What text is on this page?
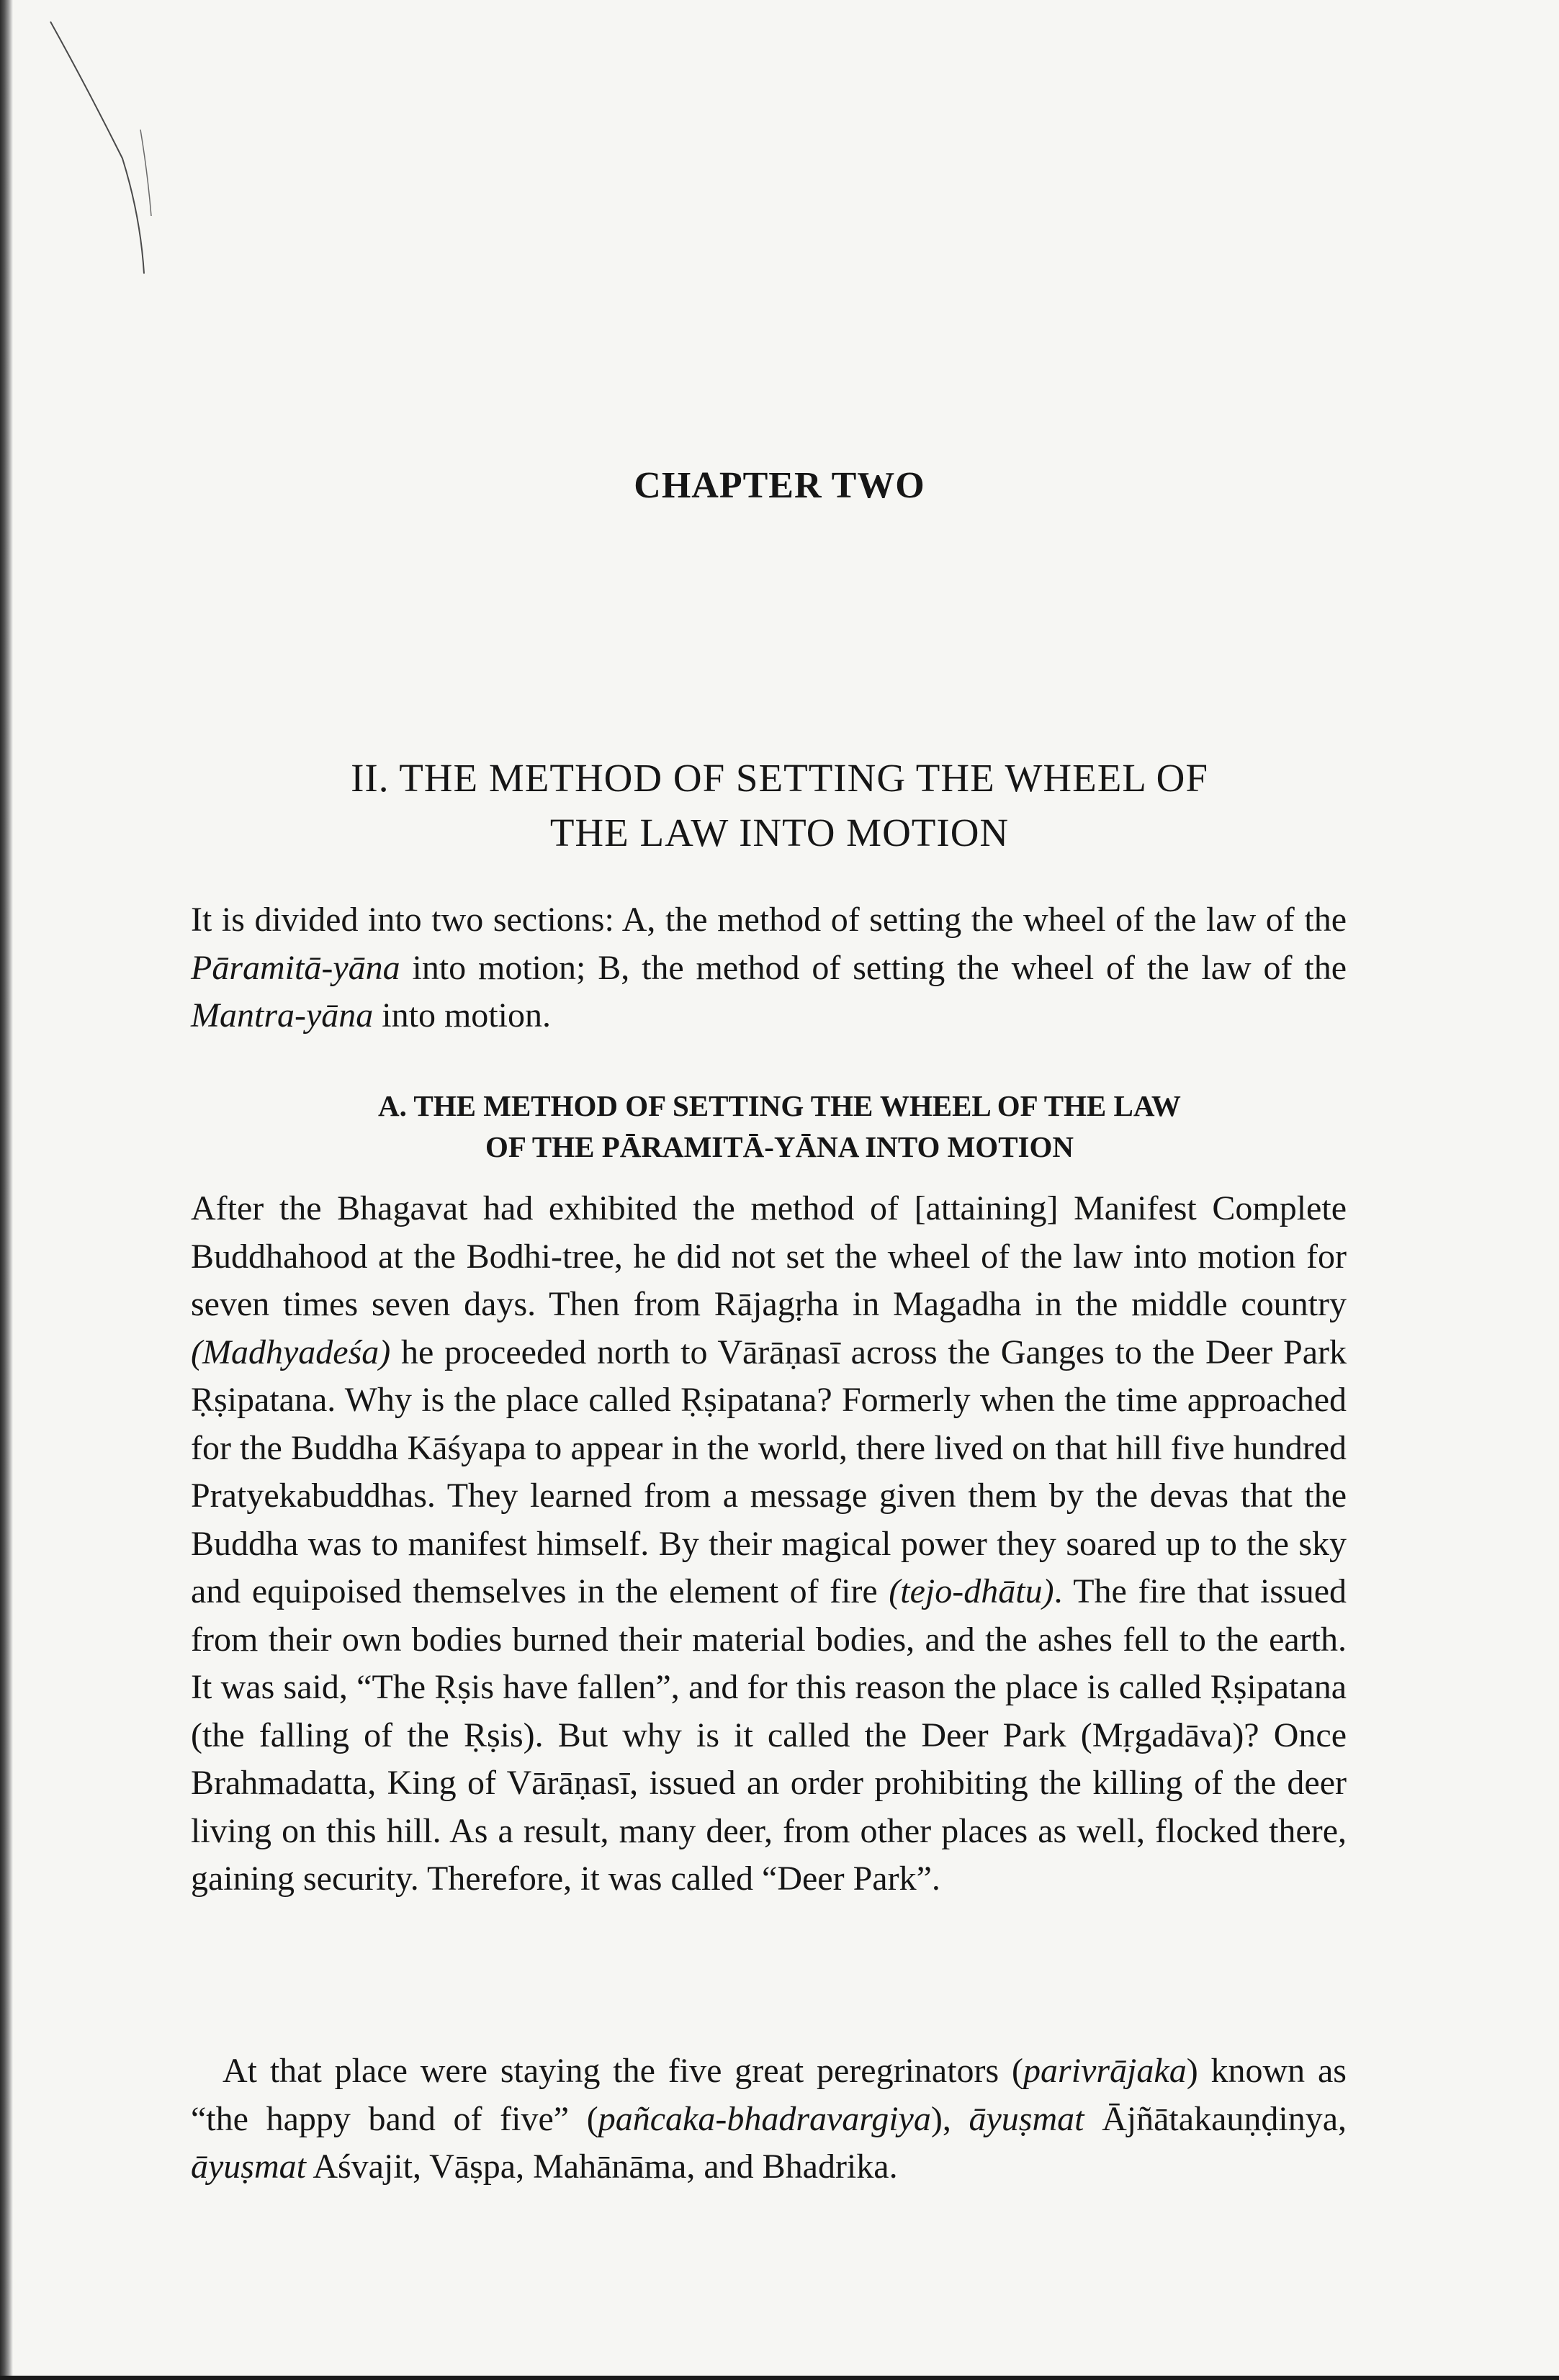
CHAPTER TWO
II. THE METHOD OF SETTING THE WHEEL OF
THE LAW INTO MOTION

It is divided into two sections: A, the method of setting the wheel of the law of the Pāramitā-yāna into motion; B, the method of setting the wheel of the law of the Mantra-yāna into motion.

A. THE METHOD OF SETTING THE WHEEL OF THE LAW
OF THE PĀRAMITĀ-YĀNA INTO MOTION

After the Bhagavat had exhibited the method of [attaining] Manifest Complete Buddhahood at the Bodhi-tree, he did not set the wheel of the law into motion for seven times seven days. Then from Rājagṛha in Magadha in the middle country (Madhyadeśa) he proceeded north to Vārāṇasī across the Ganges to the Deer Park Ṛṣipatana. Why is the place called Ṛṣipatana? Formerly when the time approached for the Buddha Kāśyapa to appear in the world, there lived on that hill five hundred Pratyekabuddhas. They learned from a message given them by the devas that the Buddha was to manifest himself. By their magical power they soared up to the sky and equipoised themselves in the element of fire (tejo-dhātu). The fire that issued from their own bodies burned their material bodies, and the ashes fell to the earth. It was said, “The Ṛṣis have fallen”, and for this reason the place is called Ṛṣipatana (the falling of the Ṛṣis). But why is it called the Deer Park (Mṛgadāva)? Once Brahmadatta, King of Vārāṇasī, issued an order prohibiting the killing of the deer living on this hill. As a result, many deer, from other places as well, flocked there, gaining security. Therefore, it was called “Deer Park”.

At that place were staying the five great peregrinators (parivrājaka) known as “the happy band of five” (pañcaka-bhadravargiya), āyuṣmat Ājñātakauṇḍinya, āyuṣmat Aśvajit, Vāṣpa, Mahānāma, and Bhadrika.
